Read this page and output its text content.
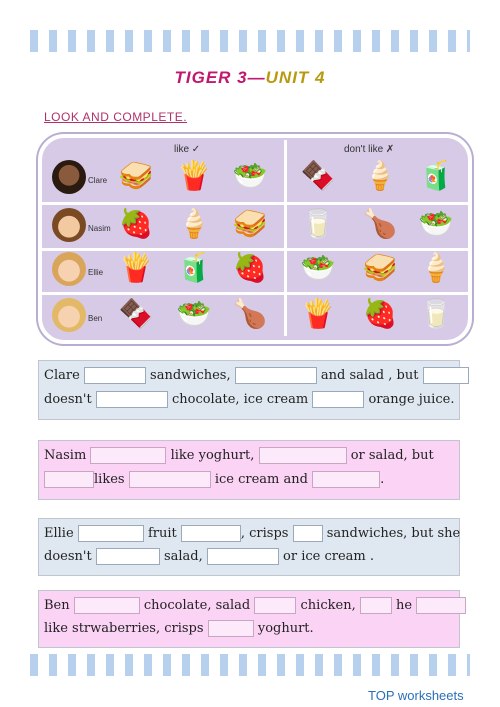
TIGER 3—UNIT 4
LOOK AND COMPLETE.
like ✓	don't like ✗
Clare 🥪 🍟 🥗 🍫 🍦 🧃
Nasim 🍓 🍦 🥪 🥛 🍗 🥗
Ellie 🍟 🧃 🍓 🥗 🥪 🍦
Ben 🍫 🥗 🍗 🍟 🍓 🥛
Clare	sandwiches,	and salad , but
doesn't	chocolate, ice cream	orange juice.
Nasim	like yoghurt,	or salad, but
likes	ice cream and	.
Ellie	fruit	, crisps	sandwiches, but she
doesn't	salad,	or ice cream .
Ben	chocolate, salad	chicken,	he
like strwaberries, crisps	yoghurt.
TOP worksheets
